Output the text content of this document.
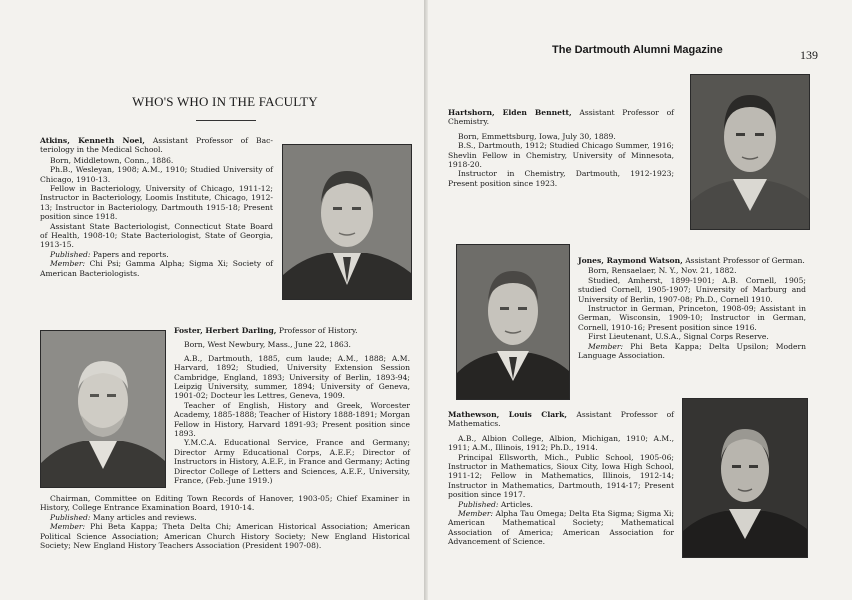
WHO'S WHO IN THE FACULTY

Atkins, Kenneth Noel, Assistant Professor of Bac-teriology in the Medical School.

Born, Middletown, Conn., 1886.

Ph.B., Wesleyan, 1908; A.M., 1910; Studied University of Chicago, 1910-13.

Fellow in Bacteriology, University of Chicago, 1911-12; Instructor in Bacteriology, Loomis Institute, Chicago, 1912-13; Instructor in Bacteriology, Dartmouth 1915-18; Present position since 1918.

Assistant State Bacteriologist, Connecticut State Board of Health, 1908-10; State Bacteriologist, State of Georgia, 1913-15.

Published: Papers and reports.

Member: Chi Psi; Gamma Alpha; Sigma Xi; Society of American Bacteriologists.

Foster, Herbert Darling, Professor of History.

Born, West Newbury, Mass., June 22, 1863.

A.B., Dartmouth, 1885, cum laude; A.M., 1888; A.M. Harvard, 1892; Studied, University Extension Session Cambridge, England, 1893; University of Berlin, 1893-94; Leipzig University, summer, 1894; University of Geneva, 1901-02; Docteur les Lettres, Geneva, 1909.

Teacher of English, History and Greek, Worcester Academy, 1885-1888; Teacher of History 1888-1891; Morgan Fellow in History, Harvard 1891-93; Present position since 1893.

Y.M.C.A. Educational Service, France and Germany; Director Army Educational Corps, A.E.F.; Director of Instructors in History, A.E.F., in France and Germany; Acting Director College of Letters and Sciences, A.E.F., University, France, (Feb.-June 1919.)

Chairman, Committee on Editing Town Records of Hanover, 1903-05; Chief Examiner in History, College Entrance Examination Board, 1910-14.

Published: Many articles and reviews.

Member: Phi Beta Kappa; Theta Delta Chi; American Historical Association; American Political Science Association; American Church History Society; New England Historical Society; New England History Teachers Association (President 1907-08).

The Dartmouth Alumni Magazine	139

Hartshorn, Elden Bennett, Assistant Professor of Chemistry.

Born, Emmettsburg, Iowa, July 30, 1889.

B.S., Dartmouth, 1912; Studied Chicago Summer, 1916; Shevlin Fellow in Chemistry, University of Minnesota, 1918-20.

Instructor in Chemistry, Dartmouth, 1912-1923; Present position since 1923.

Jones, Raymond Watson, Assistant Professor of German.

Born, Rensaelaer, N. Y., Nov. 21, 1882.

Studied, Amherst, 1899-1901; A.B. Cornell, 1905; studied Cornell, 1905-1907; University of Marburg and University of Berlin, 1907-08; Ph.D., Cornell 1910.

Instructor in German, Princeton, 1908-09; Assistant in German, Wisconsin, 1909-10; Instructor in German, Cornell, 1910-16; Present position since 1916.

First Lieutenant, U.S.A., Signal Corps Reserve.

Member: Phi Beta Kappa; Delta Upsilon; Modern Language Association.

Mathewson, Louis Clark, Assistant Professor of Mathematics.

A.B., Albion College, Albion, Michigan, 1910; A.M., 1911; A.M., Illinois, 1912; Ph.D., 1914.

Principal Ellsworth, Mich., Public School, 1905-06; Instructor in Mathematics, Sioux City, Iowa High School, 1911-12; Fellow in Mathematics, Illinois, 1912-14; Instructor in Mathematics, Dartmouth, 1914-17; Present position since 1917.

Published: Articles.

Member: Alpha Tau Omega; Delta Eta Sigma; Sigma Xi; American Mathematical Society; Mathematical Association of America; American Association for Advancement of Science.
